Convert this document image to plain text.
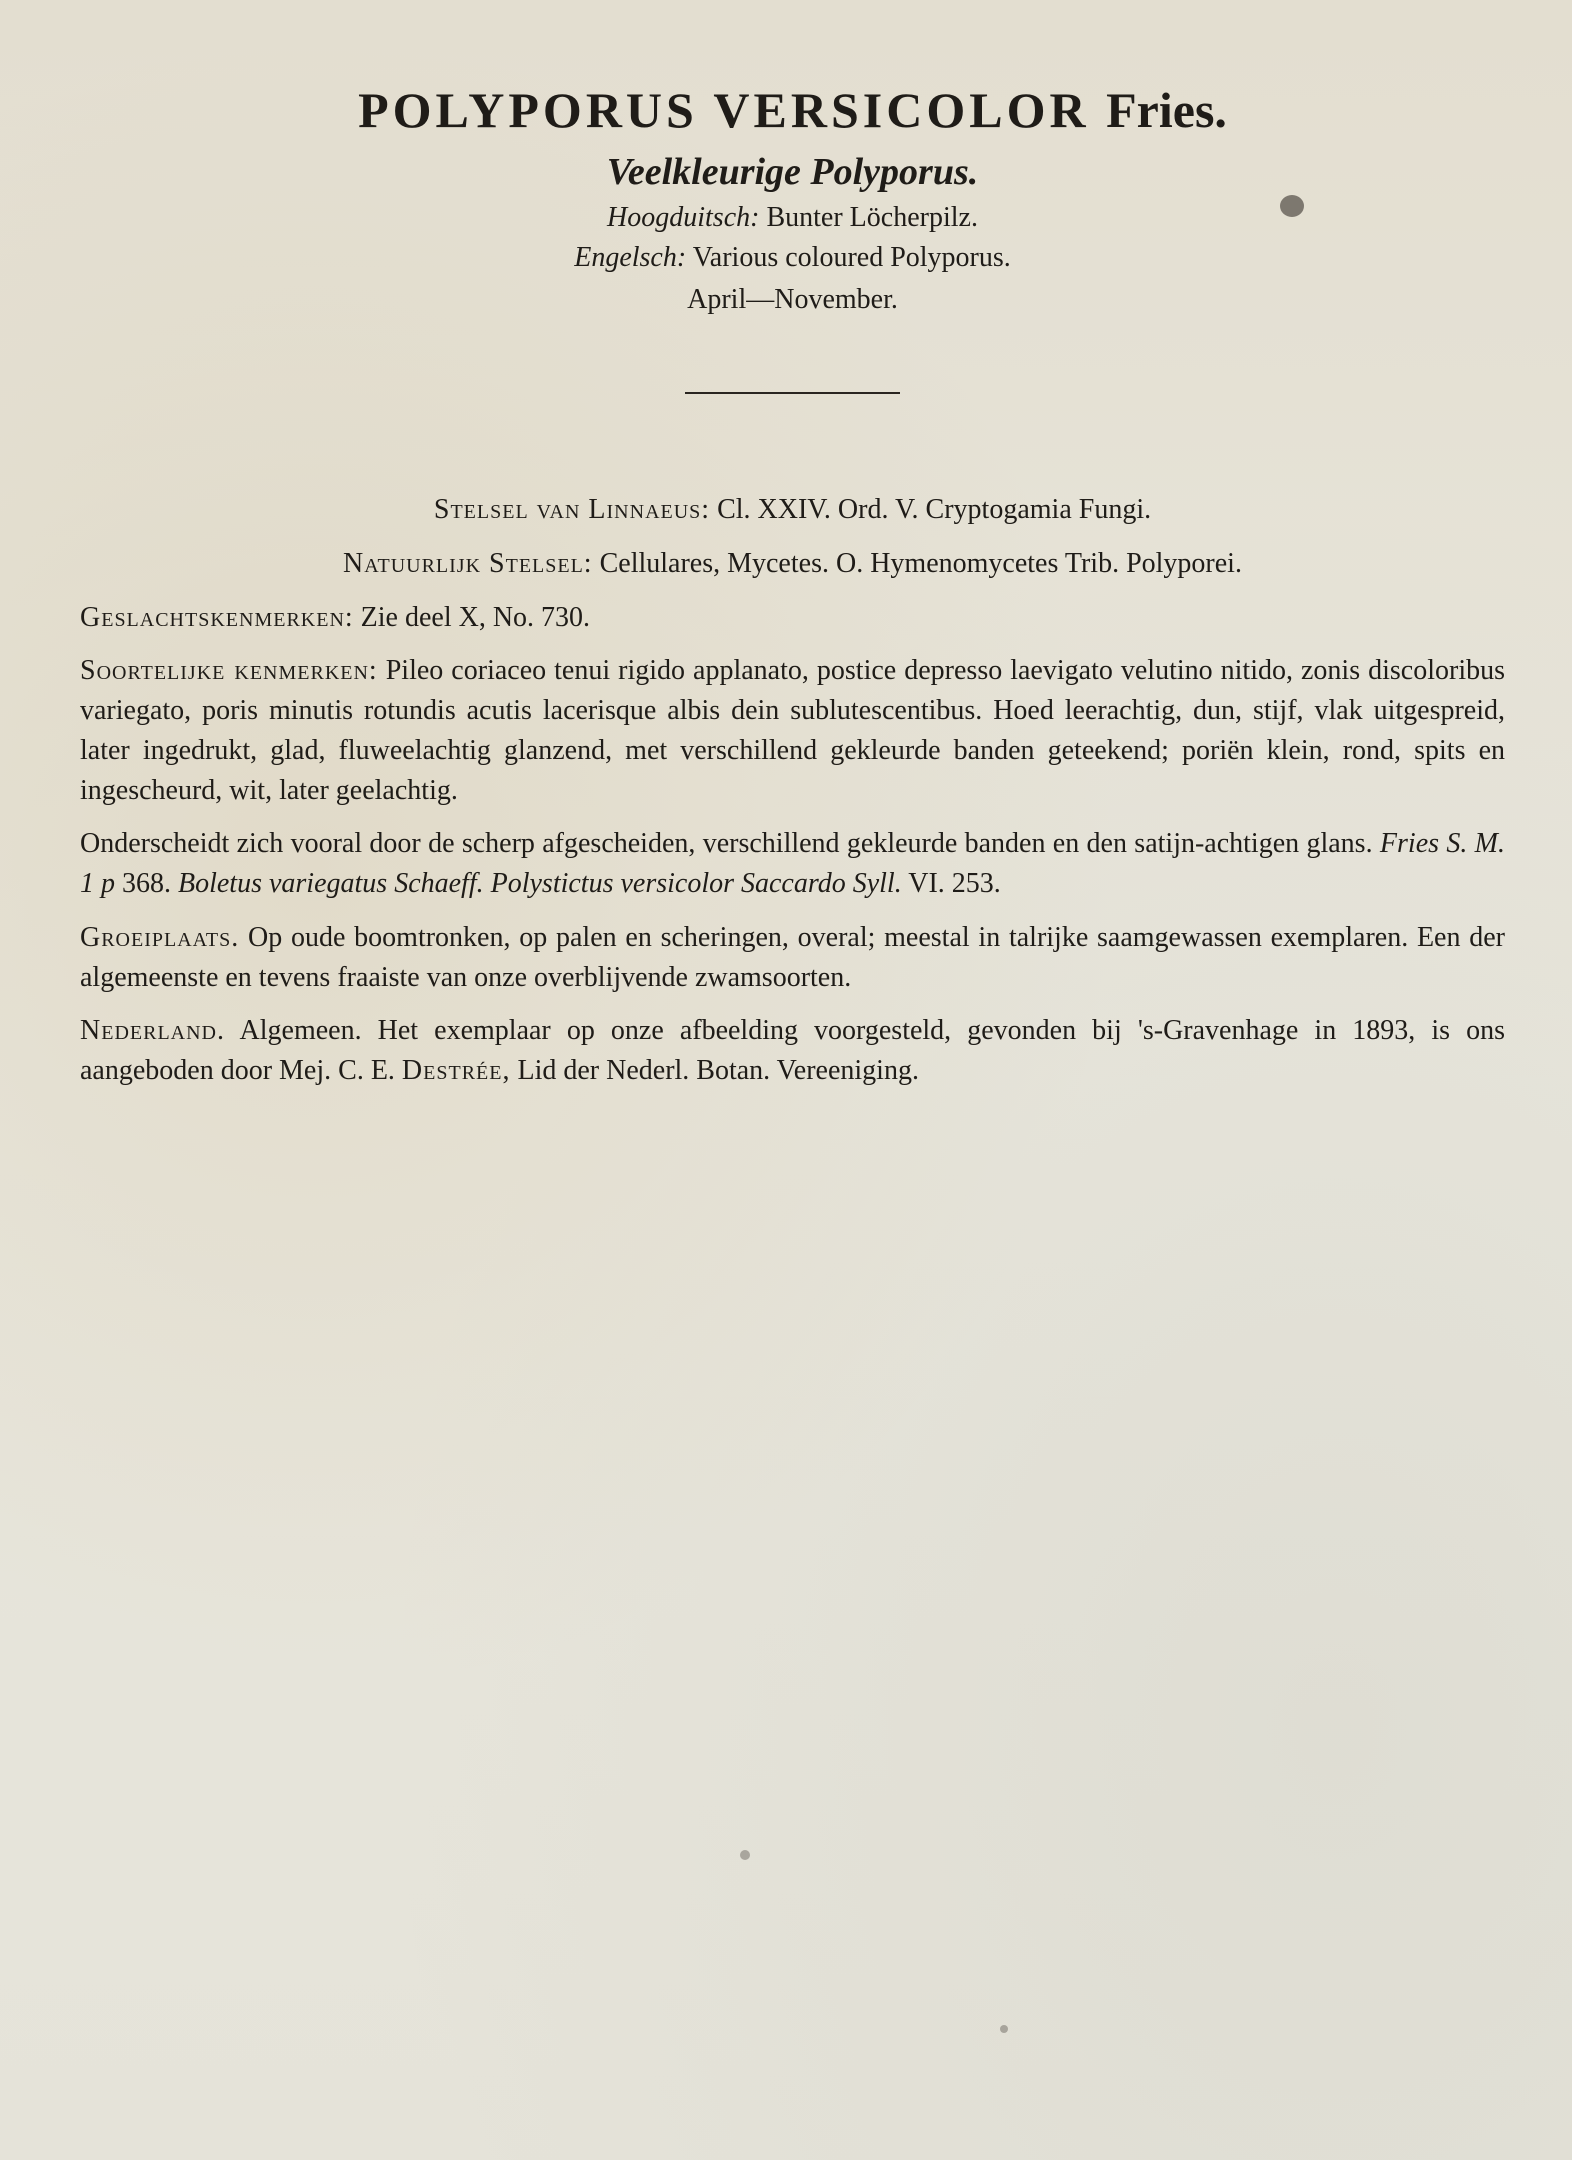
POLYPORUS VERSICOLOR Fries.
Veelkleurige Polyporus.
Hoogduitsch: Bunter Löcherpilz.
Engelsch: Various coloured Polyporus.
April—November.

Stelsel van Linnaeus: Cl. XXIV. Ord. V. Cryptogamia Fungi.

Natuurlijk Stelsel: Cellulares, Mycetes. O. Hymenomycetes Trib. Polyporei.

Geslachtskenmerken: Zie deel X, No. 730.

Soortelijke kenmerken: Pileo coriaceo tenui rigido applanato, postice depresso laevigato velutino nitido, zonis discoloribus variegato, poris minutis rotundis acutis lacerisque albis dein sublutescentibus. Hoed leerachtig, dun, stijf, vlak uitgespreid, later ingedrukt, glad, fluweelachtig glanzend, met verschillend gekleurde banden geteekend; poriën klein, rond, spits en ingescheurd, wit, later geelachtig.

Onderscheidt zich vooral door de scherp afgescheiden, verschillend gekleurde banden en den satijn-achtigen glans. Fries S. M. 1 p 368. Boletus variegatus Schaeff. Polystictus versicolor Saccardo Syll. VI. 253.

Groeiplaats. Op oude boomtronken, op palen en scheringen, overal; meestal in talrijke saamgewassen exemplaren. Een der algemeenste en tevens fraaiste van onze overblijvende zwamsoorten.

Nederland. Algemeen. Het exemplaar op onze afbeelding voorgesteld, gevonden bij 's-Gravenhage in 1893, is ons aangeboden door Mej. C. E. Destrée, Lid der Nederl. Botan. Vereeniging.
